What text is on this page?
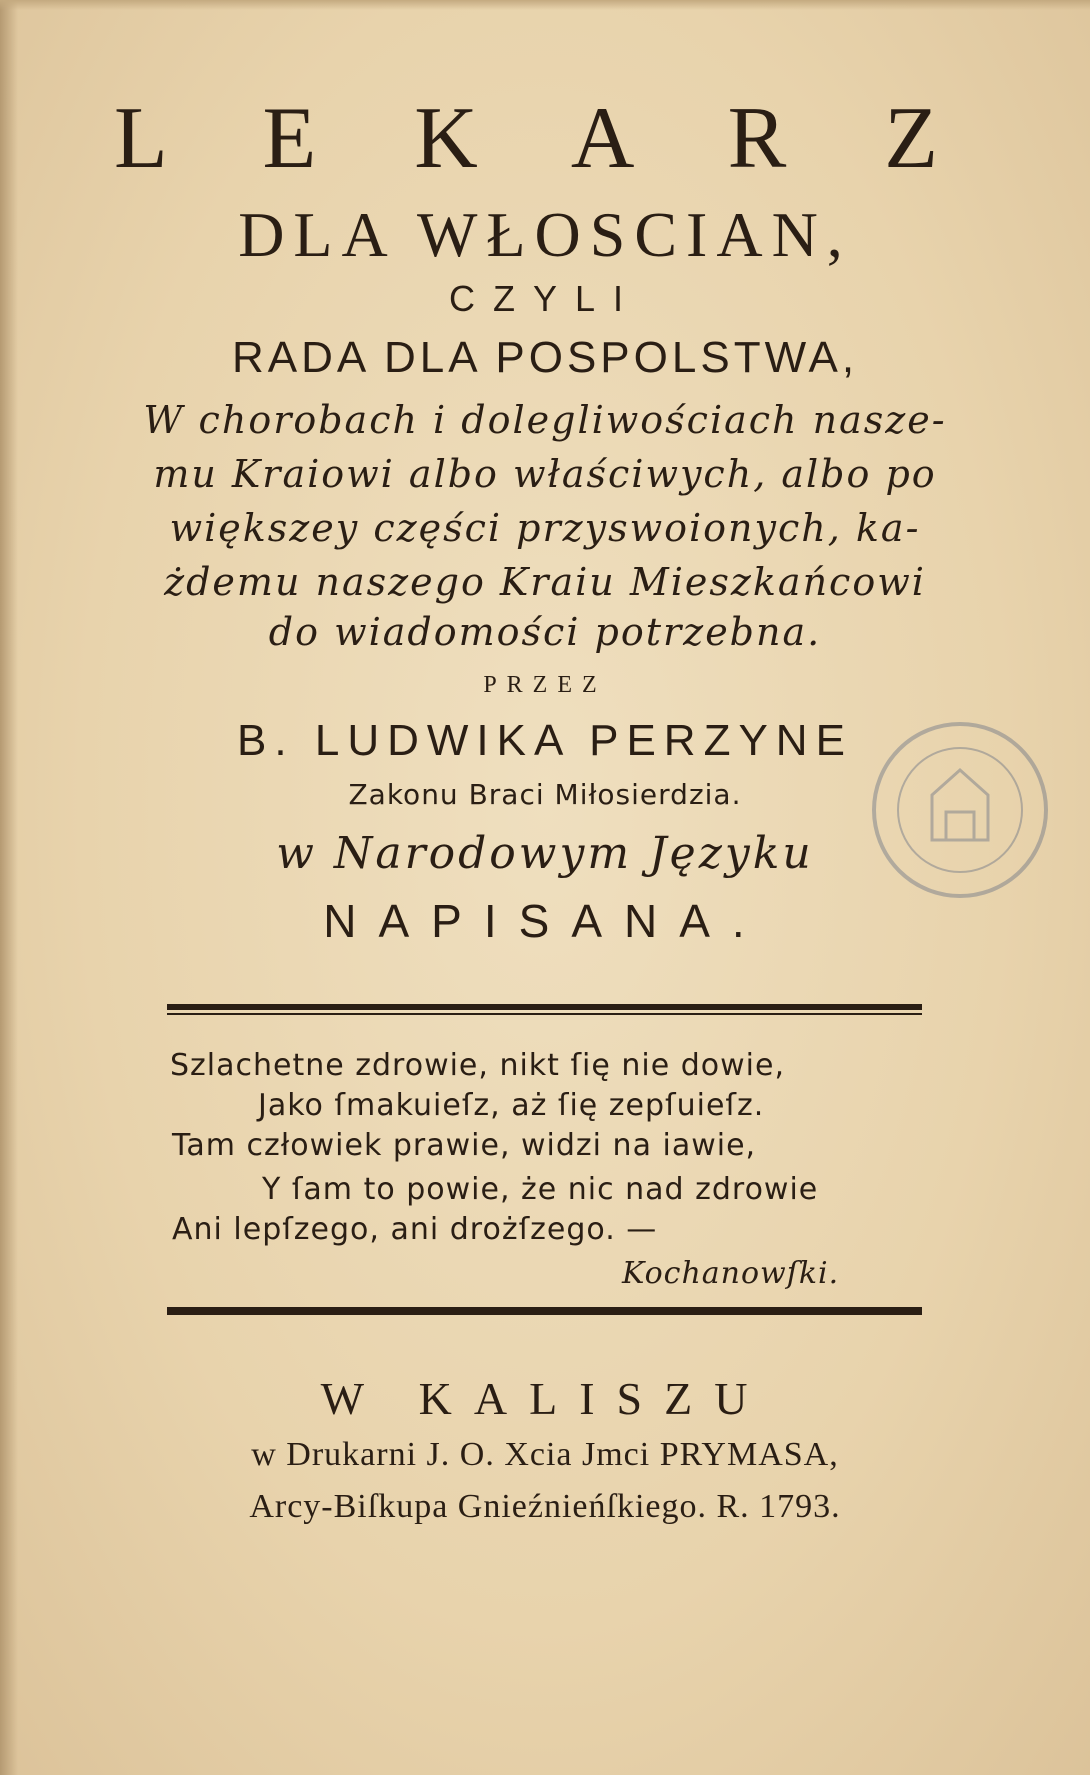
L E K A R Z
DLA WŁOSCIAN,
CZYLI
RADA DLA POSPOLSTWA,
W chorobach i dolegliwościach nasze-
mu Kraiowi albo właściwych, albo po
większey części przyswoionych, ka-
żdemu naszego Kraiu Mieszkańcowi
do wiadomości potrzebna.
PRZEZ
B. LUDWIKA PERZYNE
Zakonu Braci Miłosierdzia.
w Narodowym Języku
NAPISANA.
Szlachetne zdrowie, nikt ſię nie dowie,
Jako ſmakuieſz, aż ſię zepſuieſz.
Tam człowiek prawie, widzi na iawie,
Y ſam to powie, że nic nad zdrowie
Ani lepſzego, ani drożſzego. —
Kochanowſki.
W KALISZU
w Drukarni J. O. Xcia Jmci PRYMASA,
Arcy-Biſkupa Gnieźnieńſkiego. R. 1793.
